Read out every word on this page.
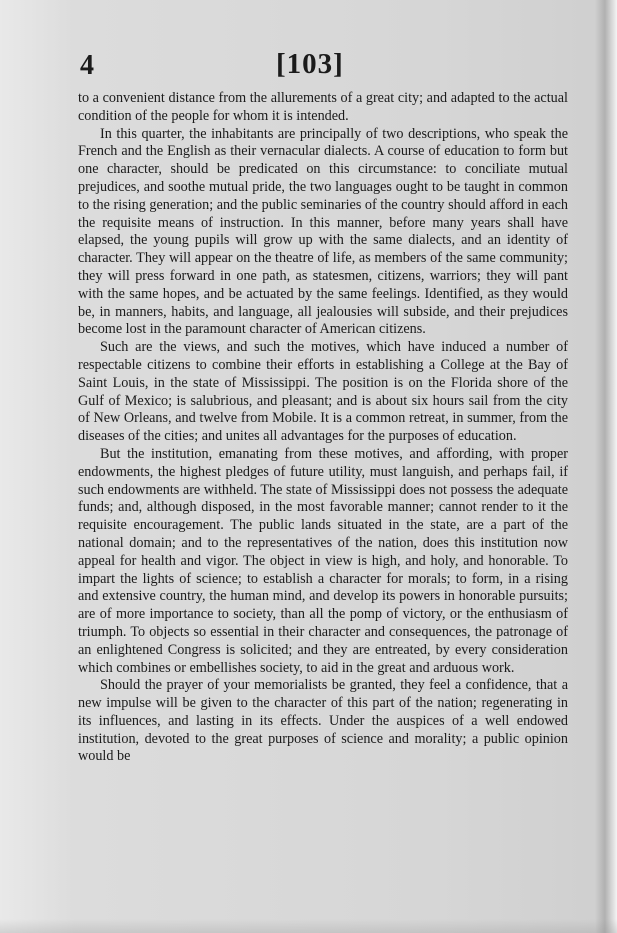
4	[103]

to a convenient distance from the allurements of a great city; and adapted to the actual condition of the people for whom it is intended.

In this quarter, the inhabitants are principally of two descriptions, who speak the French and the English as their vernacular dialects. A course of education to form but one character, should be predicated on this circumstance: to conciliate mutual prejudices, and soothe mutual pride, the two languages ought to be taught in common to the rising generation; and the public seminaries of the country should afford in each the requisite means of instruction. In this manner, before many years shall have elapsed, the young pupils will grow up with the same dialects, and an identity of character. They will appear on the theatre of life, as members of the same community; they will press forward in one path, as statesmen, citizens, warriors; they will pant with the same hopes, and be actuated by the same feelings. Identified, as they would be, in manners, habits, and language, all jealousies will subside, and their prejudices become lost in the paramount character of American citizens.

Such are the views, and such the motives, which have induced a number of respectable citizens to combine their efforts in establishing a College at the Bay of Saint Louis, in the state of Mississippi. The position is on the Florida shore of the Gulf of Mexico; is salubrious, and pleasant; and is about six hours sail from the city of New Orleans, and twelve from Mobile. It is a common retreat, in summer, from the diseases of the cities; and unites all advantages for the purposes of education.

But the institution, emanating from these motives, and affording, with proper endowments, the highest pledges of future utility, must languish, and perhaps fail, if such endowments are withheld. The state of Mississippi does not possess the adequate funds; and, although disposed, in the most favorable manner; cannot render to it the requisite encouragement. The public lands situated in the state, are a part of the national domain; and to the representatives of the nation, does this institution now appeal for health and vigor. The object in view is high, and holy, and honorable. To impart the lights of science; to establish a character for morals; to form, in a rising and extensive country, the human mind, and develop its powers in honorable pursuits; are of more importance to society, than all the pomp of victory, or the enthusiasm of triumph. To objects so essential in their character and consequences, the patronage of an enlightened Congress is solicited; and they are entreated, by every consideration which combines or embellishes society, to aid in the great and arduous work.

Should the prayer of your memorialists be granted, they feel a confidence, that a new impulse will be given to the character of this part of the nation; regenerating in its influences, and lasting in its effects. Under the auspices of a well endowed institution, devoted to the great purposes of science and morality; a public opinion would be
